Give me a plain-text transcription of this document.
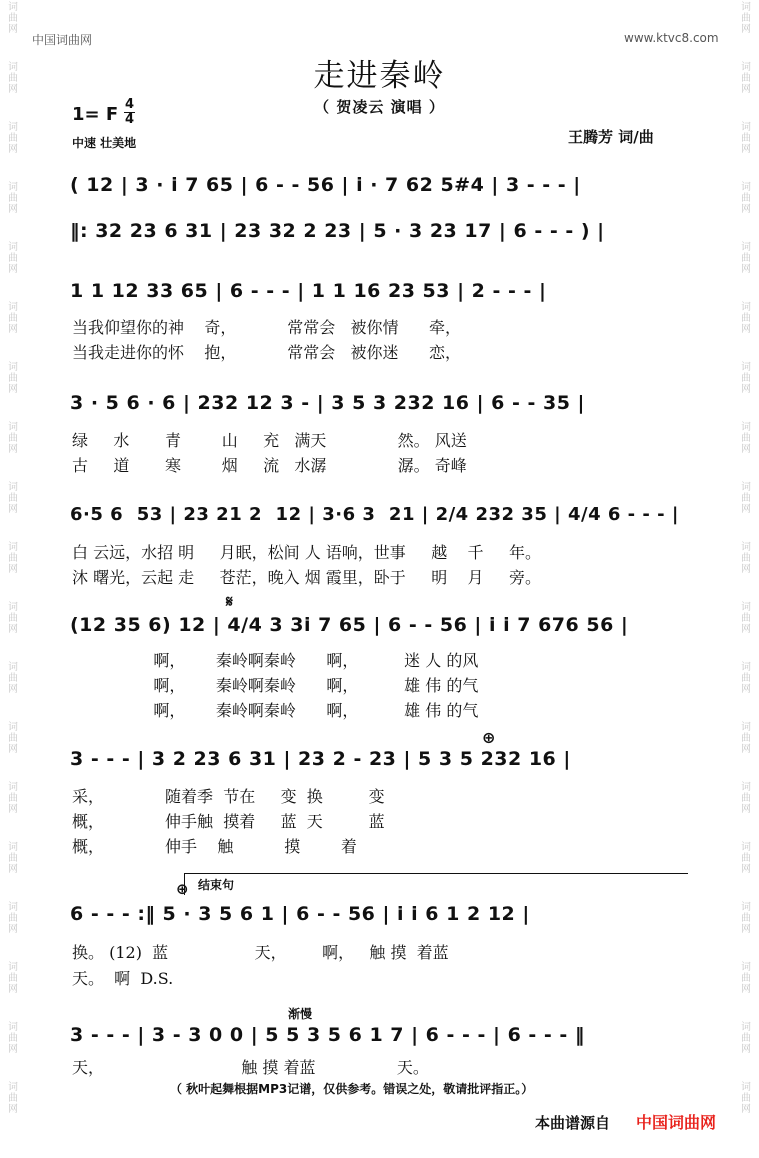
词
曲
网
词
曲
网
词
曲
网
词
曲
网
词
曲
网
词
曲
网
词
曲
网
词
曲
网
词
曲
网
词
曲
网
词
曲
网
词
曲
网
词
曲
网
词
曲
网
词
曲
网
词
曲
网
词
曲
网
词
曲
网
词
曲
网
词
曲
网
词
曲
网
词
曲
网
词
曲
网
词
曲
网
词
曲
网
词
曲
网
词
曲
网
词
曲
网
词
曲
网
词
曲
网
词
曲
网
词
曲
网
词
曲
网
词
曲
网
词
曲
网
词
曲
网
词
曲
网
词
曲
网
中国词曲网	www.ktvc8.com
走进秦岭
（ 贺凌云 演唱 ）
1= F 4
4
中速 壮美地	王腾芳 词/曲
( 12 | 3 · i 7 65 | 6 - - 56 | i · 7 62 5#4 | 3 - - - |
‖: 32 23 6 31 | 23 32 2 23 | 5 · 3 23 17 | 6 - - - ) |
1 1 12 33 65 | 6 - - - | 1 1 16 23 53 | 2 - - - |
当我仰望你的神    奇，          常常会   被你情      牵，
当我走进你的怀    抱，          常常会   被你迷      恋，
3 · 5 6 · 6 | 232 12 3 - | 3 5 3 232 16 | 6 - - 35 |
绿     水       青        山     充   满天              然。 风送
古     道       寒        烟     流   水潺              潺。 奇峰
6·5 6  53 | 23 21 2  12 | 3·6 3  21 | 2/4 232 35 | 4/4 6 - - - |
白 云远，水招 明     月眠，松间 人 语响，世事     越    千     年。
沐 曙光，云起 走     苍茫，晚入 烟 霞里，卧于     明    月     旁。
𝄋
(12 35 6) 12 | 4/4 3 3i 7 65 | 6 - - 56 | i i 7 676 56 |
啊，      秦岭啊秦岭      啊，         迷 人 的风
啊，      秦岭啊秦岭      啊，         雄 伟 的气
啊，      秦岭啊秦岭      啊，         雄 伟 的气
⊕
3 - - - | 3 2 23 6 31 | 23 2 - 23 | 5 3 5 232 16 |
采，            随着季  节在     变  换         变
概，            伸手触  摸着     蓝  天         蓝
概，            伸手    触          摸        着
⊕ 结束句
6 - - - :‖ 5 · 3 5 6 1 | 6 - - 56 | i i 6 1 2 12 |
换。 (12)  蓝                 天，       啊，   触 摸  着蓝
天。  啊  D.S.
渐慢
3 - - - | 3 - 3 0 0 | 5 5 3 5 6 1 7 | 6 - - - | 6 - - - ‖
天，                           触 摸 着蓝                天。
（ 秋叶起舞根据MP3记谱，仅供参考。错误之处，敬请批评指正。）
本曲谱源自 中国词曲网
